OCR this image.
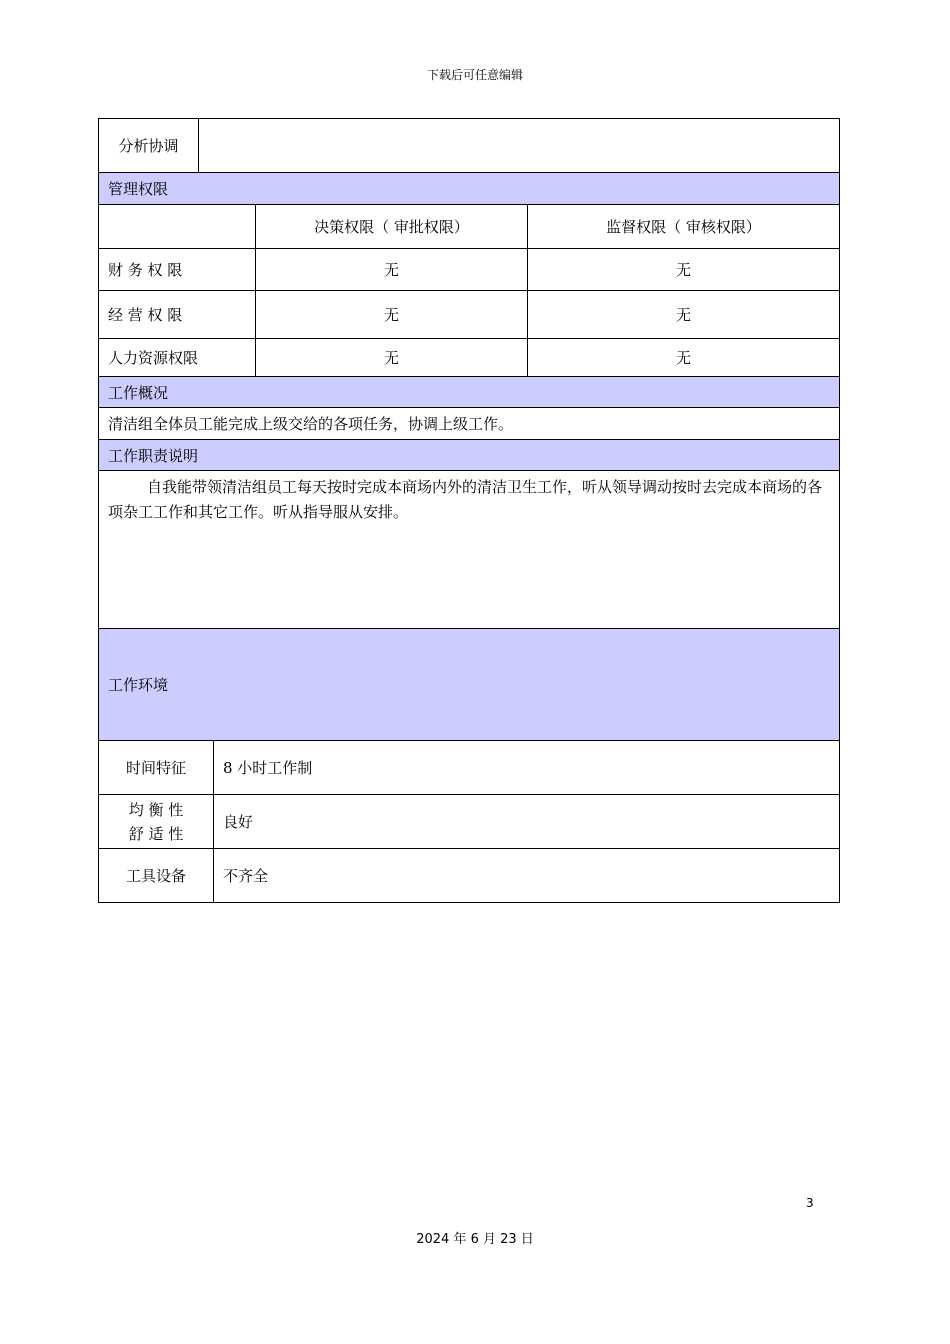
下载后可任意编辑
分析协调				
管理权限				
			决策权限（ 审批权限）	监督权限（ 审核权限）
财 务 权 限			无	无
经 营 权 限			无	无
人力资源权限			无	无
工作概况				
清洁组全体员工能完成上级交给的各项任务，协调上级工作。				
工作职责说明				

自我能带领清洁组员工每天按时完成本商场内外的清洁卫生工作，听从领导调动按时去完成本商场的各项杂工工作和其它工作。听从指导服从安排。				

工作环境				
时间特征		8 小时工作制		

均 衡 性
舒 适 性		良好		
工具设备		不齐全		
3
2024 年 6 月 23 日
